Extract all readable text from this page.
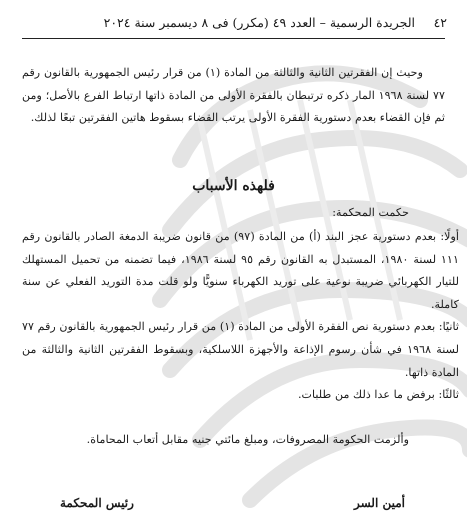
٤٢
الجريدة الرسمية – العدد ٤٩ (مكرر) فى ٨ ديسمبر سنة ٢٠٢٤
وحيث إن الفقرتين الثانية والثالثة من المادة (١) من قرار رئيس الجمهورية بالقانون رقم ٧٧ لسنة ١٩٦٨ المار ذكره ترتبطان بالفقرة الأولى من المادة ذاتها ارتباط الفرع بالأصل؛ ومن ثم فإن القضاء بعدم دستورية الفقرة الأولى يرتب القضاء بسقوط هاتين الفقرتين تبعًا لذلك.
فلهذه الأسباب
حكمت المحكمة:
أولًا: بعدم دستورية عجز البند (أ) من المادة (٩٧) من قانون ضريبة الدمغة الصادر بالقانون رقم ١١١ لسنة ١٩٨٠، المستبدل به القانون رقم ٩٥ لسنة ١٩٨٦، فيما تضمنه من تحميل المستهلك للتيار الكهربائي ضريبة نوعية على توريد الكهرباء سنويًّا ولو قلت مدة التوريد الفعلي عن سنة كاملة.
ثانيًا: بعدم دستورية نص الفقرة الأولى من المادة (١) من قرار رئيس الجمهورية بالقانون رقم ٧٧ لسنة ١٩٦٨ في شأن رسوم الإذاعة والأجهزة اللاسلكية، وبسقوط الفقرتين الثانية والثالثة من المادة ذاتها.
ثالثًا: برفض ما عدا ذلك من طلبات.
وألزمت الحكومة المصروفات، ومبلغ مائتي جنيه مقابل أتعاب المحاماة.
أمين السر
رئيس المحكمة
